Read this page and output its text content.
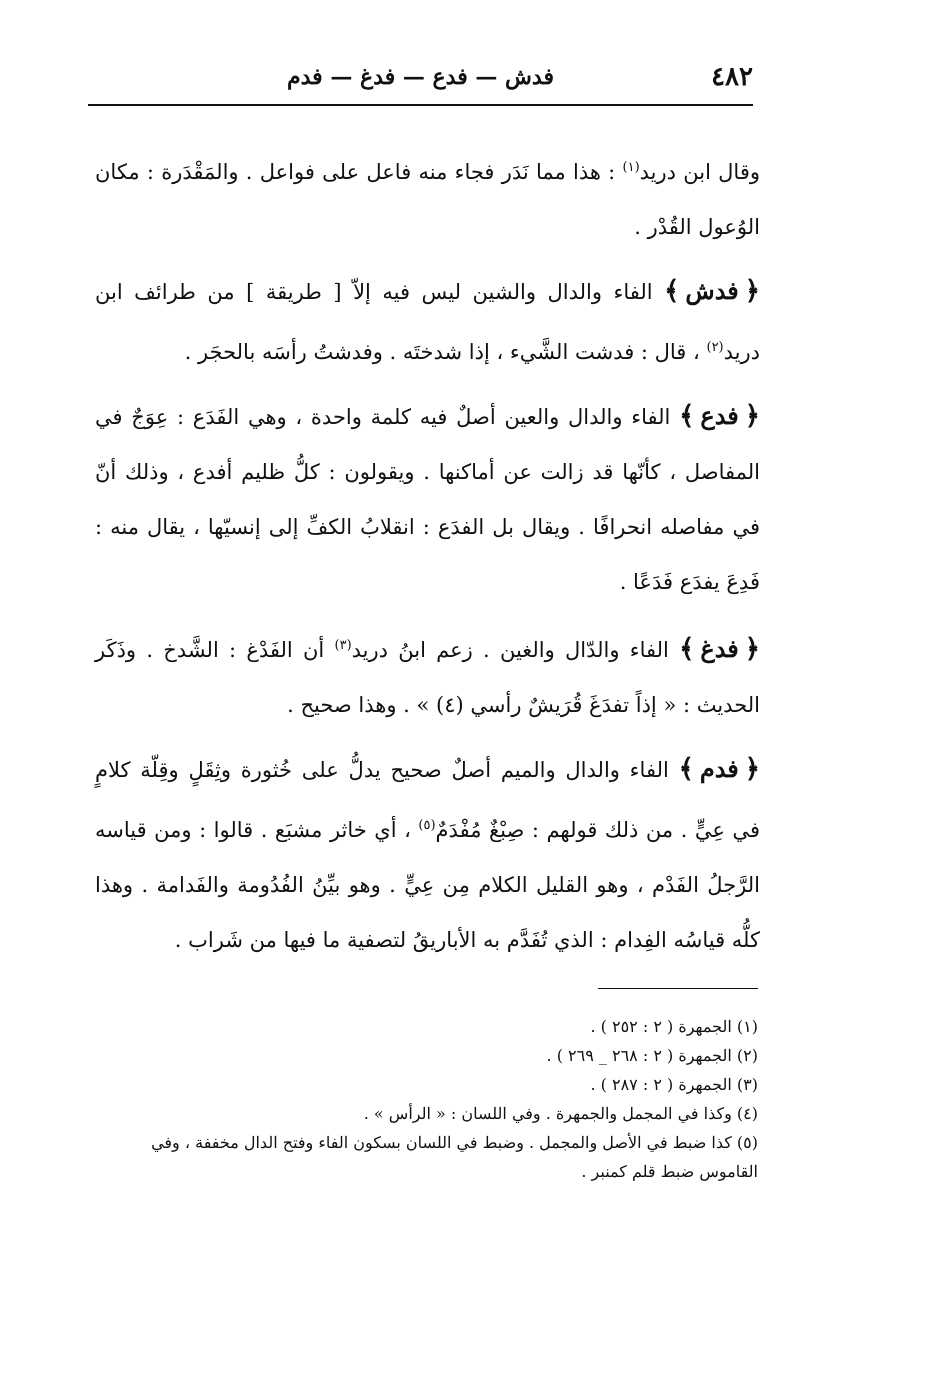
٤٨٢
فدش — فدع — فدغ — فدم

وقال ابن دريد$^{(١)}$ : هذا مما نَدَر فجاء منه فاعل على فواعل . والمَقْدَرة : مكان الوُعول القُدْر .

﴿فدش﴾ الفاء والدال والشين ليس فيه إلاّ [ طريقة ] من طرائف ابن دريد$^{(٢)}$ ، قال : فدشت الشَّيء ، إذا شدختَه . وفدشتُ رأسَه بالحجَر .

﴿فدع﴾ الفاء والدال والعين أصلٌ فيه كلمة واحدة ، وهي الفَدَع : عِوَجٌ في المفاصل ، كأنّها قد زالت عن أماكنها . ويقولون : كلُّ ظليم أفدع ، وذلك أنّ في مفاصله انحرافًا . ويقال بل الفدَع : انقلابُ الكفِّ إلى إنسيّها ، يقال منه : فَدِعَ يفدَع فَدَعًا .

﴿فدغ﴾ الفاء والدّال والغين . زعم ابنُ دريد$^{(٣)}$ أن الفَدْغ : الشَّدخ . وذَكَر الحديث : « إذاً تفدَغَ قُرَيشٌ رأسي (٤) » . وهذا صحيح .

﴿فدم﴾ الفاء والدال والميم أصلٌ صحيح يدلُّ على خُثورة وثِقَلٍ وقِلّة كلامٍ في عِيٍّ . من ذلك قولهم : صِبْغٌ مُفْدَمٌ$^{(٥)}$ ، أي خاثر مشبَع . قالوا : ومن قياسه الرَّجلُ الفَدْم ، وهو القليل الكلام مِن عِيٍّ . وهو بيِّنُ الفُدُومة والفَدامة . وهذا كلُّه قياسُه الفِدام : الذي تُفَدَّم به الأباريقُ لتصفية ما فيها من شَراب .

(١) الجمهرة ( ٢ : ٢٥٢ ) .
(٢) الجمهرة ( ٢ : ٢٦٨ _ ٢٦٩ ) .
(٣) الجمهرة ( ٢ : ٢٨٧ ) .
(٤) وكذا في المجمل والجمهرة . وفي اللسان : « الرأس » .
(٥) كذا ضبط في الأصل والمجمل . وضبط في اللسان بسكون الفاء وفتح الدال مخففة ، وفي القاموس ضبط قلم كمنبر .
